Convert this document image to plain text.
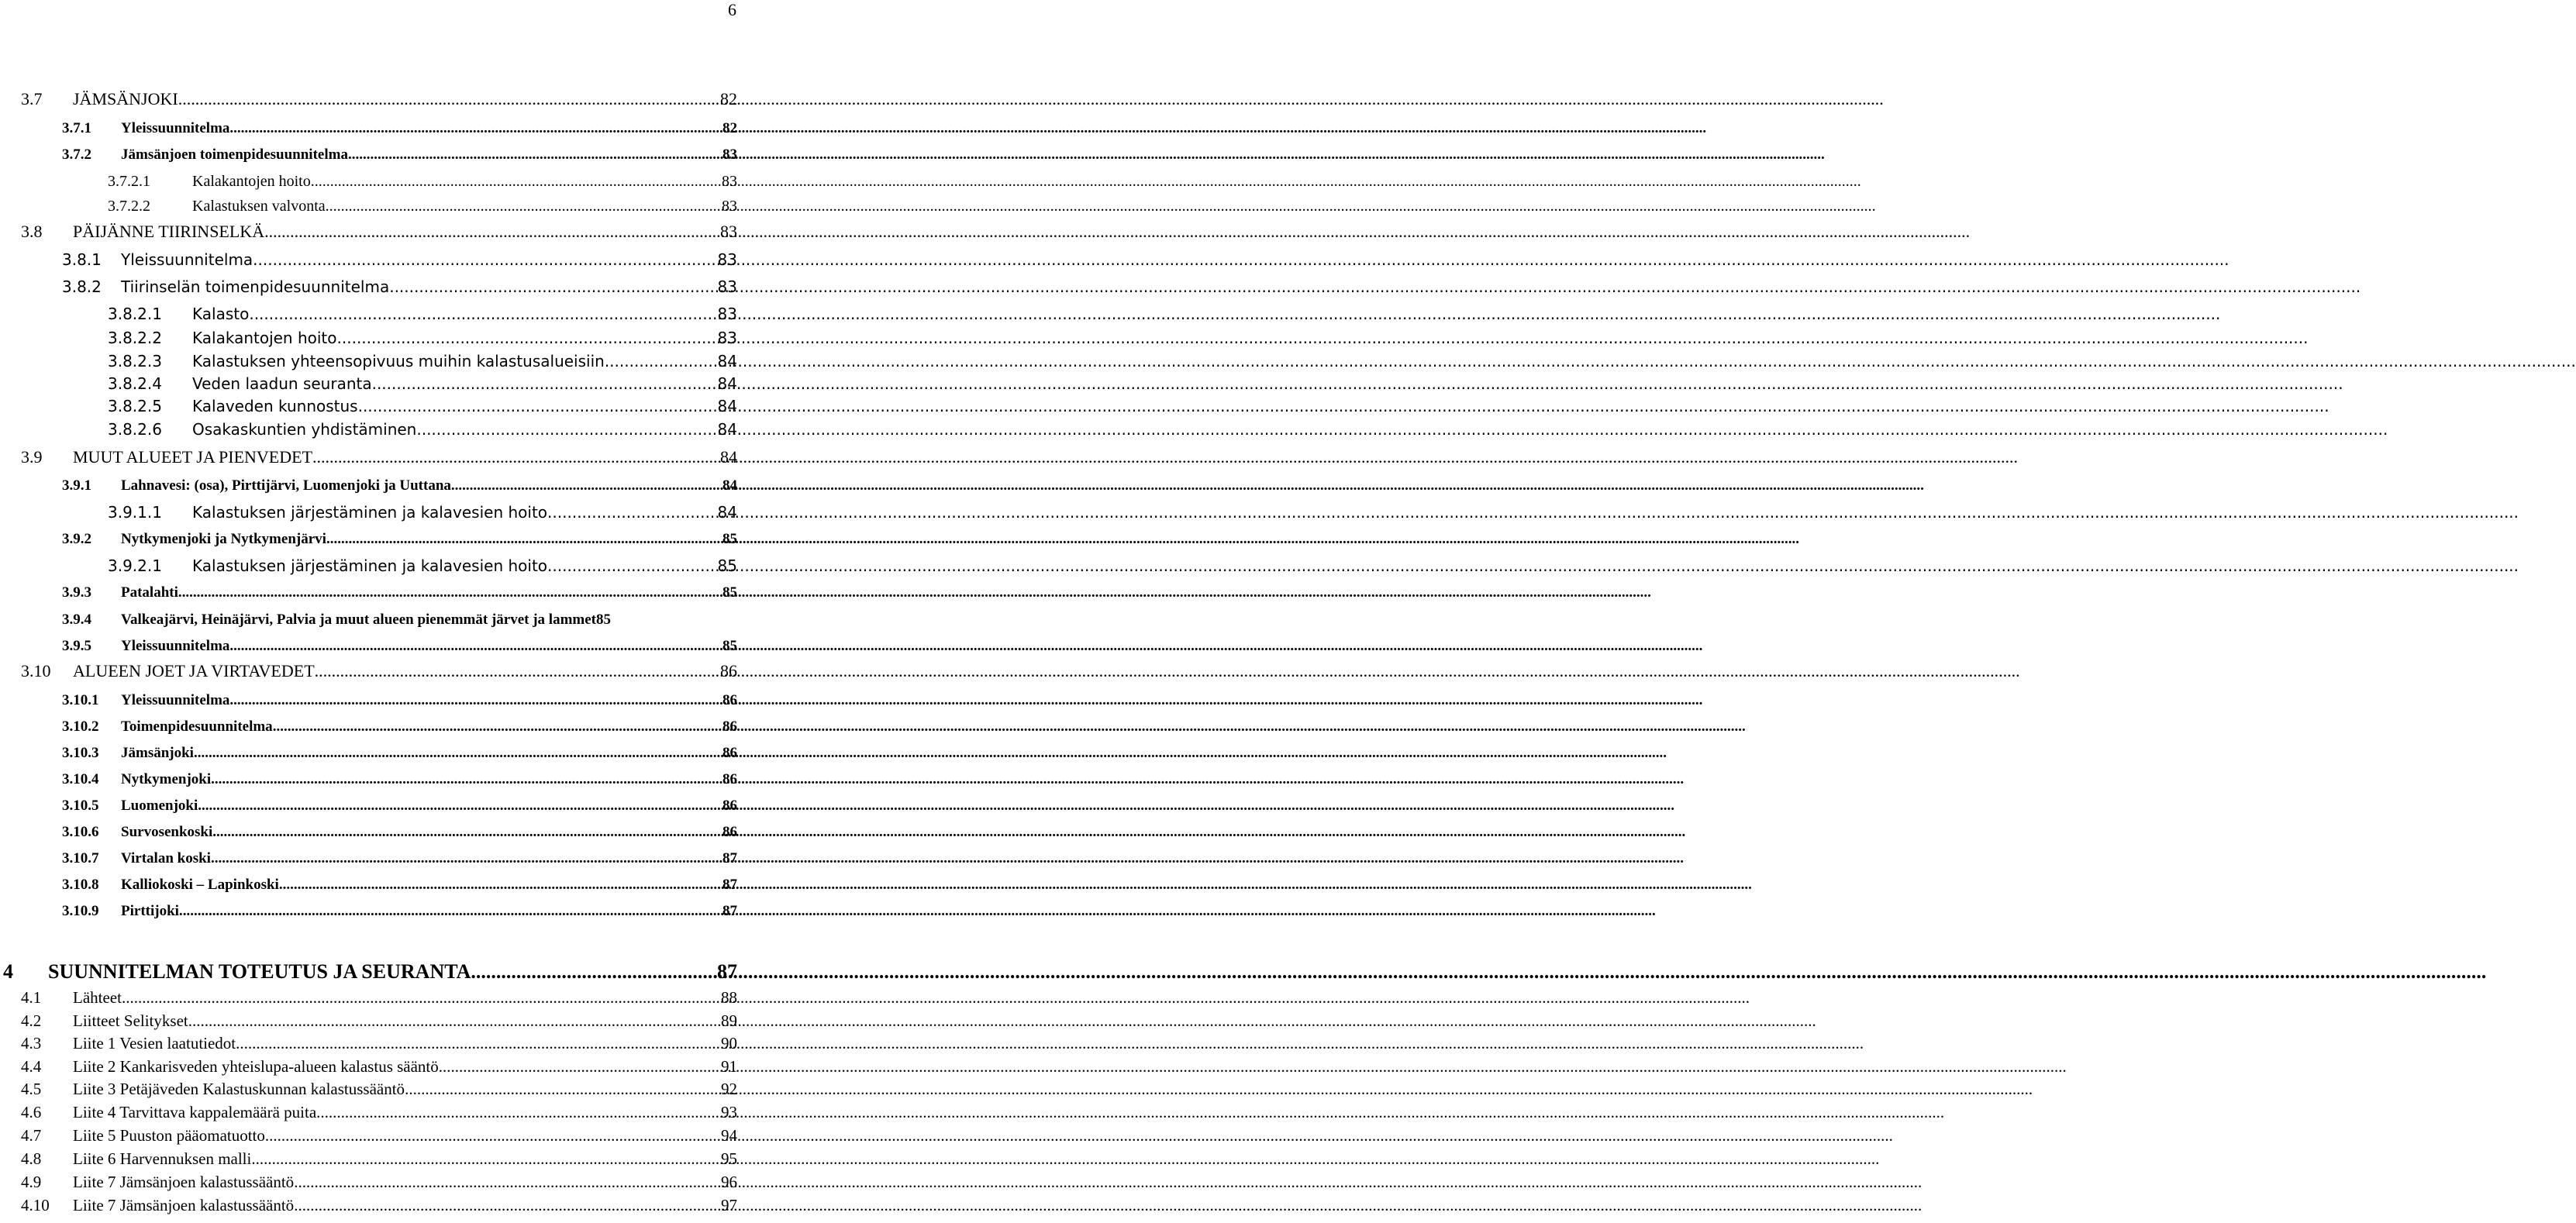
6
3.7	JÄMSÄNJOKI .....	82
3.7.1	Yleissuunnitelma. .....	82
3.7.2	Jämsänjoen toimenpidesuunnitelma. .....	83
3.7.2.1	Kalakantojen hoito .....	83
3.7.2.2	Kalastuksen valvonta .....	83
3.8	PÄIJÄNNE TIIRINSELKÄ .....	83
3.8.1	Yleissuunnitelma. .....	83
3.8.2	Tiirinselän toimenpidesuunnitelma .....	83
3.8.2.1	Kalasto .....	83
3.8.2.2	Kalakantojen hoito .....	83
3.8.2.3	Kalastuksen yhteensopivuus muihin kalastusalueisiin .....	84
3.8.2.4	Veden laadun seuranta .....	84
3.8.2.5	Kalaveden kunnostus .....	84
3.8.2.6	Osakaskuntien yhdistäminen .....	84
3.9	MUUT ALUEET JA PIENVEDET .....	84
3.9.1	Lahnavesi: (osa), Pirttijärvi, Luomenjoki ja Uuttana .....	84
3.9.1.1	Kalastuksen järjestäminen ja kalavesien hoito .....	84
3.9.2	Nytkymenjoki ja Nytkymenjärvi .....	85
3.9.2.1	Kalastuksen järjestäminen ja kalavesien hoito .....	85
3.9.3	Patalahti .....	85
3.9.4	Valkeajärvi, Heinäjärvi, Palvia ja muut alueen pienemmät järvet ja lammet 85
3.9.5	Yleissuunnitelma .....	85
3.10	ALUEEN JOET JA VIRTAVEDET .....	86
3.10.1	Yleissuunnitelma .....	86
3.10.2	Toimenpidesuunnitelma .....	86
3.10.3	Jämsänjoki .....	86
3.10.4	Nytkymenjoki .....	86
3.10.5	Luomenjoki. .....	86
3.10.6	Survosenkoski .....	86
3.10.7	Virtalan koski .....	87
3.10.8	Kalliokoski – Lapinkoski .....	87
3.10.9	Pirttijoki. .....	87
4	SUUNNITELMAN TOTEUTUS JA SEURANTA .....	87
4.1	Lähteet .....	88
4.2	Liitteet Selitykset .....	89
4.3	Liite 1 Vesien laatutiedot .....	90
4.4	Liite 2 Kankarisveden yhteislupa-alueen kalastus sääntö .....	91
4.5	Liite 3 Petäjäveden Kalastuskunnan kalastussääntö .....	92
4.6	Liite 4 Tarvittava kappalemäärä puita .....	93
4.7	Liite 5 Puuston pääomatuotto .....	94
4.8	Liite 6 Harvennuksen malli .....	95
4.9	Liite 7 Jämsänjoen kalastussääntö .....	96
4.10	Liite 7 Jämsänjoen kalastussääntö .....	97
